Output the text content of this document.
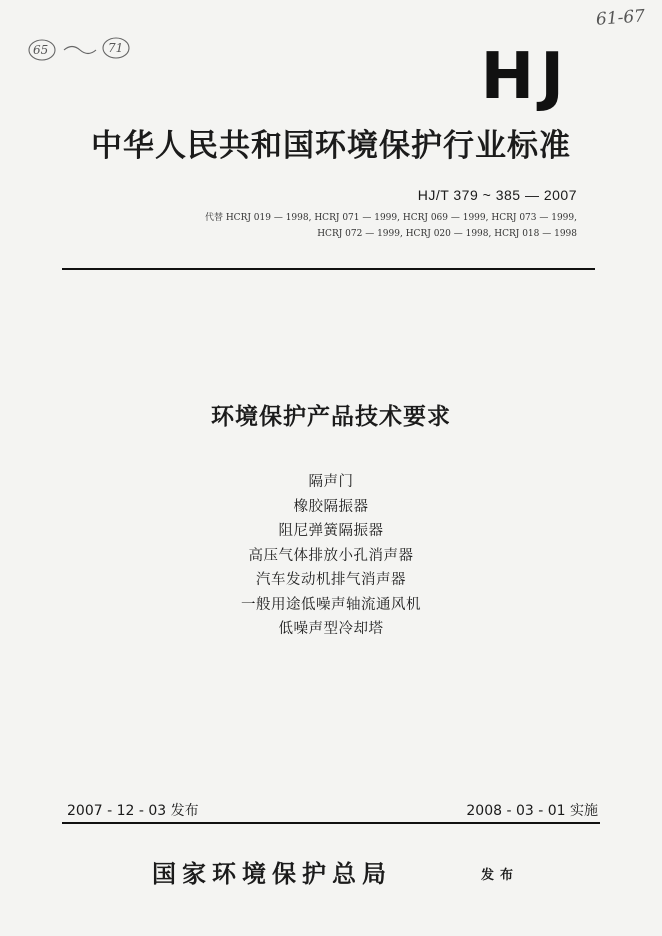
61-67
65	71	HJ
中华人民共和国环境保护行业标准
HJ/T 379 ~ 385 — 2007
代替 HCRJ 019 — 1998, HCRJ 071 — 1999, HCRJ 069 — 1999, HCRJ 073 — 1999,
HCRJ 072 — 1999, HCRJ 020 — 1998, HCRJ 018 — 1998
环境保护产品技术要求
隔声门
橡胶隔振器
阻尼弹簧隔振器
高压气体排放小孔消声器
汽车发动机排气消声器
一般用途低噪声轴流通风机
低噪声型冷却塔
2007 - 12 - 03 发布	2008 - 03 - 01 实施
国家环境保护总局	发布
